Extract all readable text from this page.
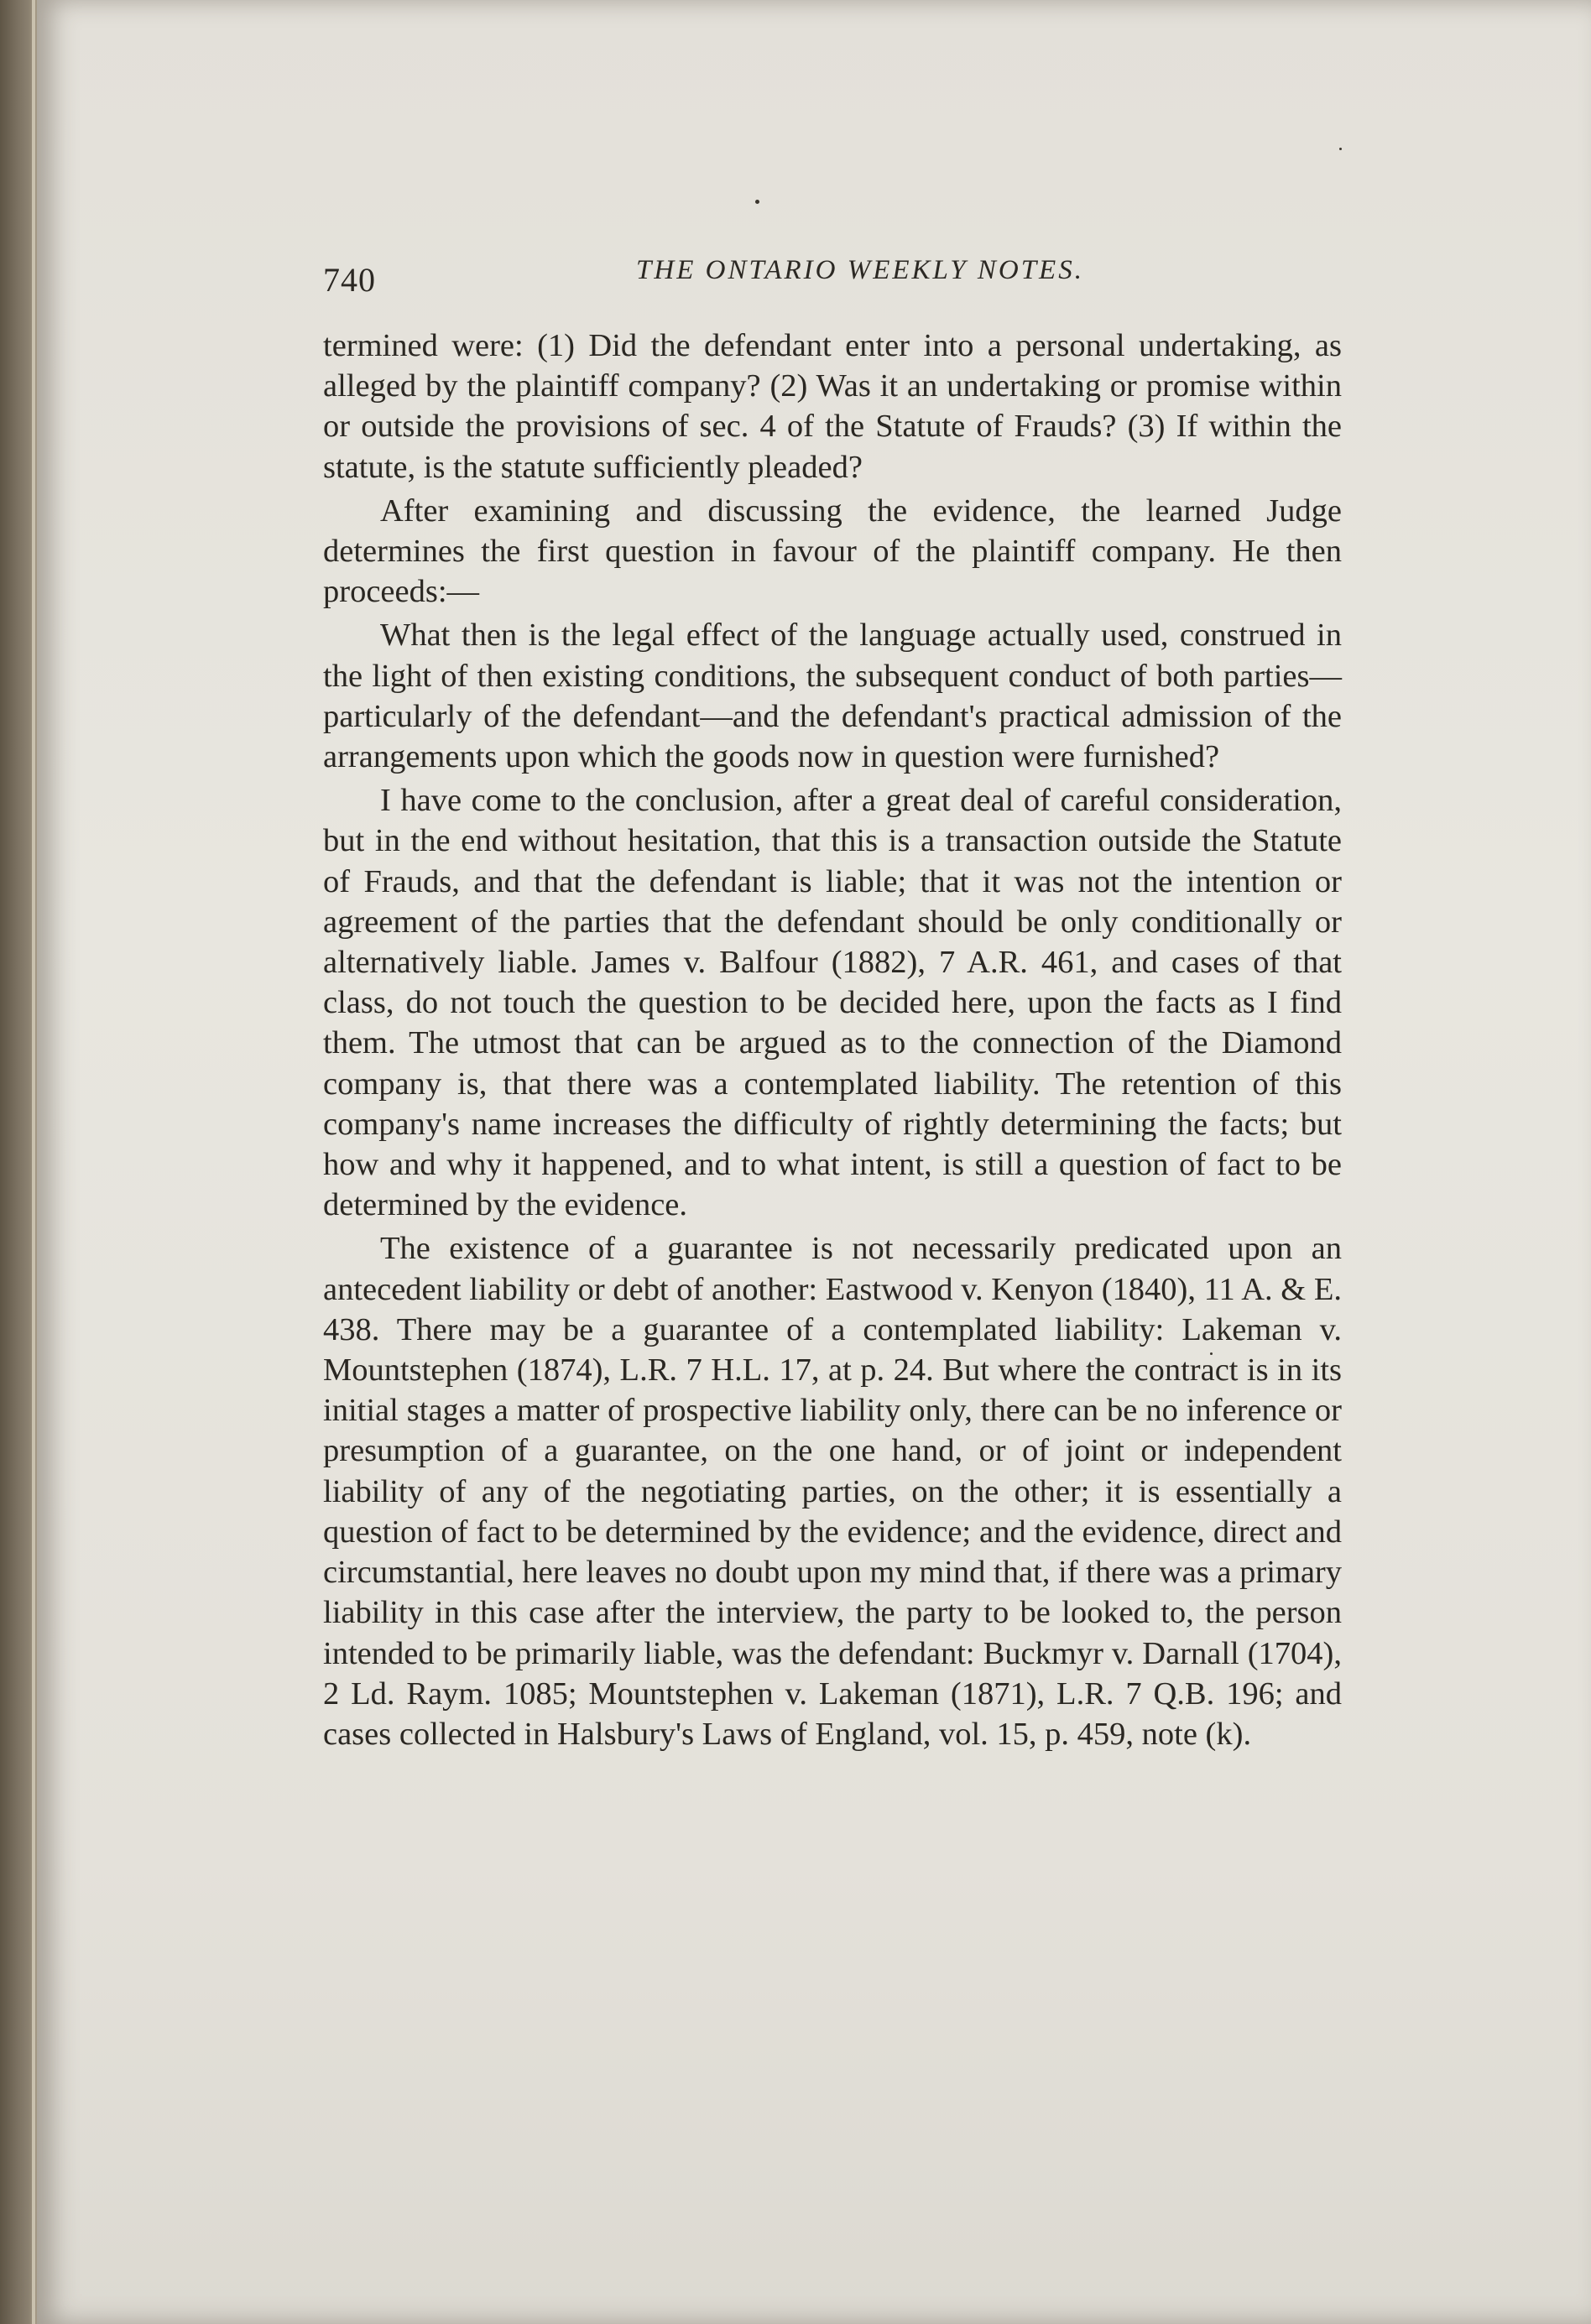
740	THE ONTARIO WEEKLY NOTES.

termined were: (1) Did the defendant enter into a personal undertaking, as alleged by the plaintiff company? (2) Was it an undertaking or promise within or outside the provisions of sec. 4 of the Statute of Frauds? (3) If within the statute, is the statute sufficiently pleaded?

After examining and discussing the evidence, the learned Judge determines the first question in favour of the plaintiff company. He then proceeds:—

What then is the legal effect of the language actually used, construed in the light of then existing conditions, the subsequent conduct of both parties—particularly of the defendant—and the defendant's practical admission of the arrangements upon which the goods now in question were furnished?

I have come to the conclusion, after a great deal of careful consideration, but in the end without hesitation, that this is a transaction outside the Statute of Frauds, and that the defendant is liable; that it was not the intention or agreement of the parties that the defendant should be only conditionally or alternatively liable. James v. Balfour (1882), 7 A.R. 461, and cases of that class, do not touch the question to be decided here, upon the facts as I find them. The utmost that can be argued as to the connection of the Diamond company is, that there was a contemplated liability. The retention of this company's name increases the difficulty of rightly determining the facts; but how and why it happened, and to what intent, is still a question of fact to be determined by the evidence.

The existence of a guarantee is not necessarily predicated upon an antecedent liability or debt of another: Eastwood v. Kenyon (1840), 11 A. & E. 438. There may be a guarantee of a contemplated liability: Lakeman v. Mountstephen (1874), L.R. 7 H.L. 17, at p. 24. But where the contract is in its initial stages a matter of prospective liability only, there can be no inference or presumption of a guarantee, on the one hand, or of joint or independent liability of any of the negotiating parties, on the other; it is essentially a question of fact to be determined by the evidence; and the evidence, direct and circumstantial, here leaves no doubt upon my mind that, if there was a primary liability in this case after the interview, the party to be looked to, the person intended to be primarily liable, was the defendant: Buckmyr v. Darnall (1704), 2 Ld. Raym. 1085; Mountstephen v. Lakeman (1871), L.R. 7 Q.B. 196; and cases collected in Halsbury's Laws of England, vol. 15, p. 459, note (k).
